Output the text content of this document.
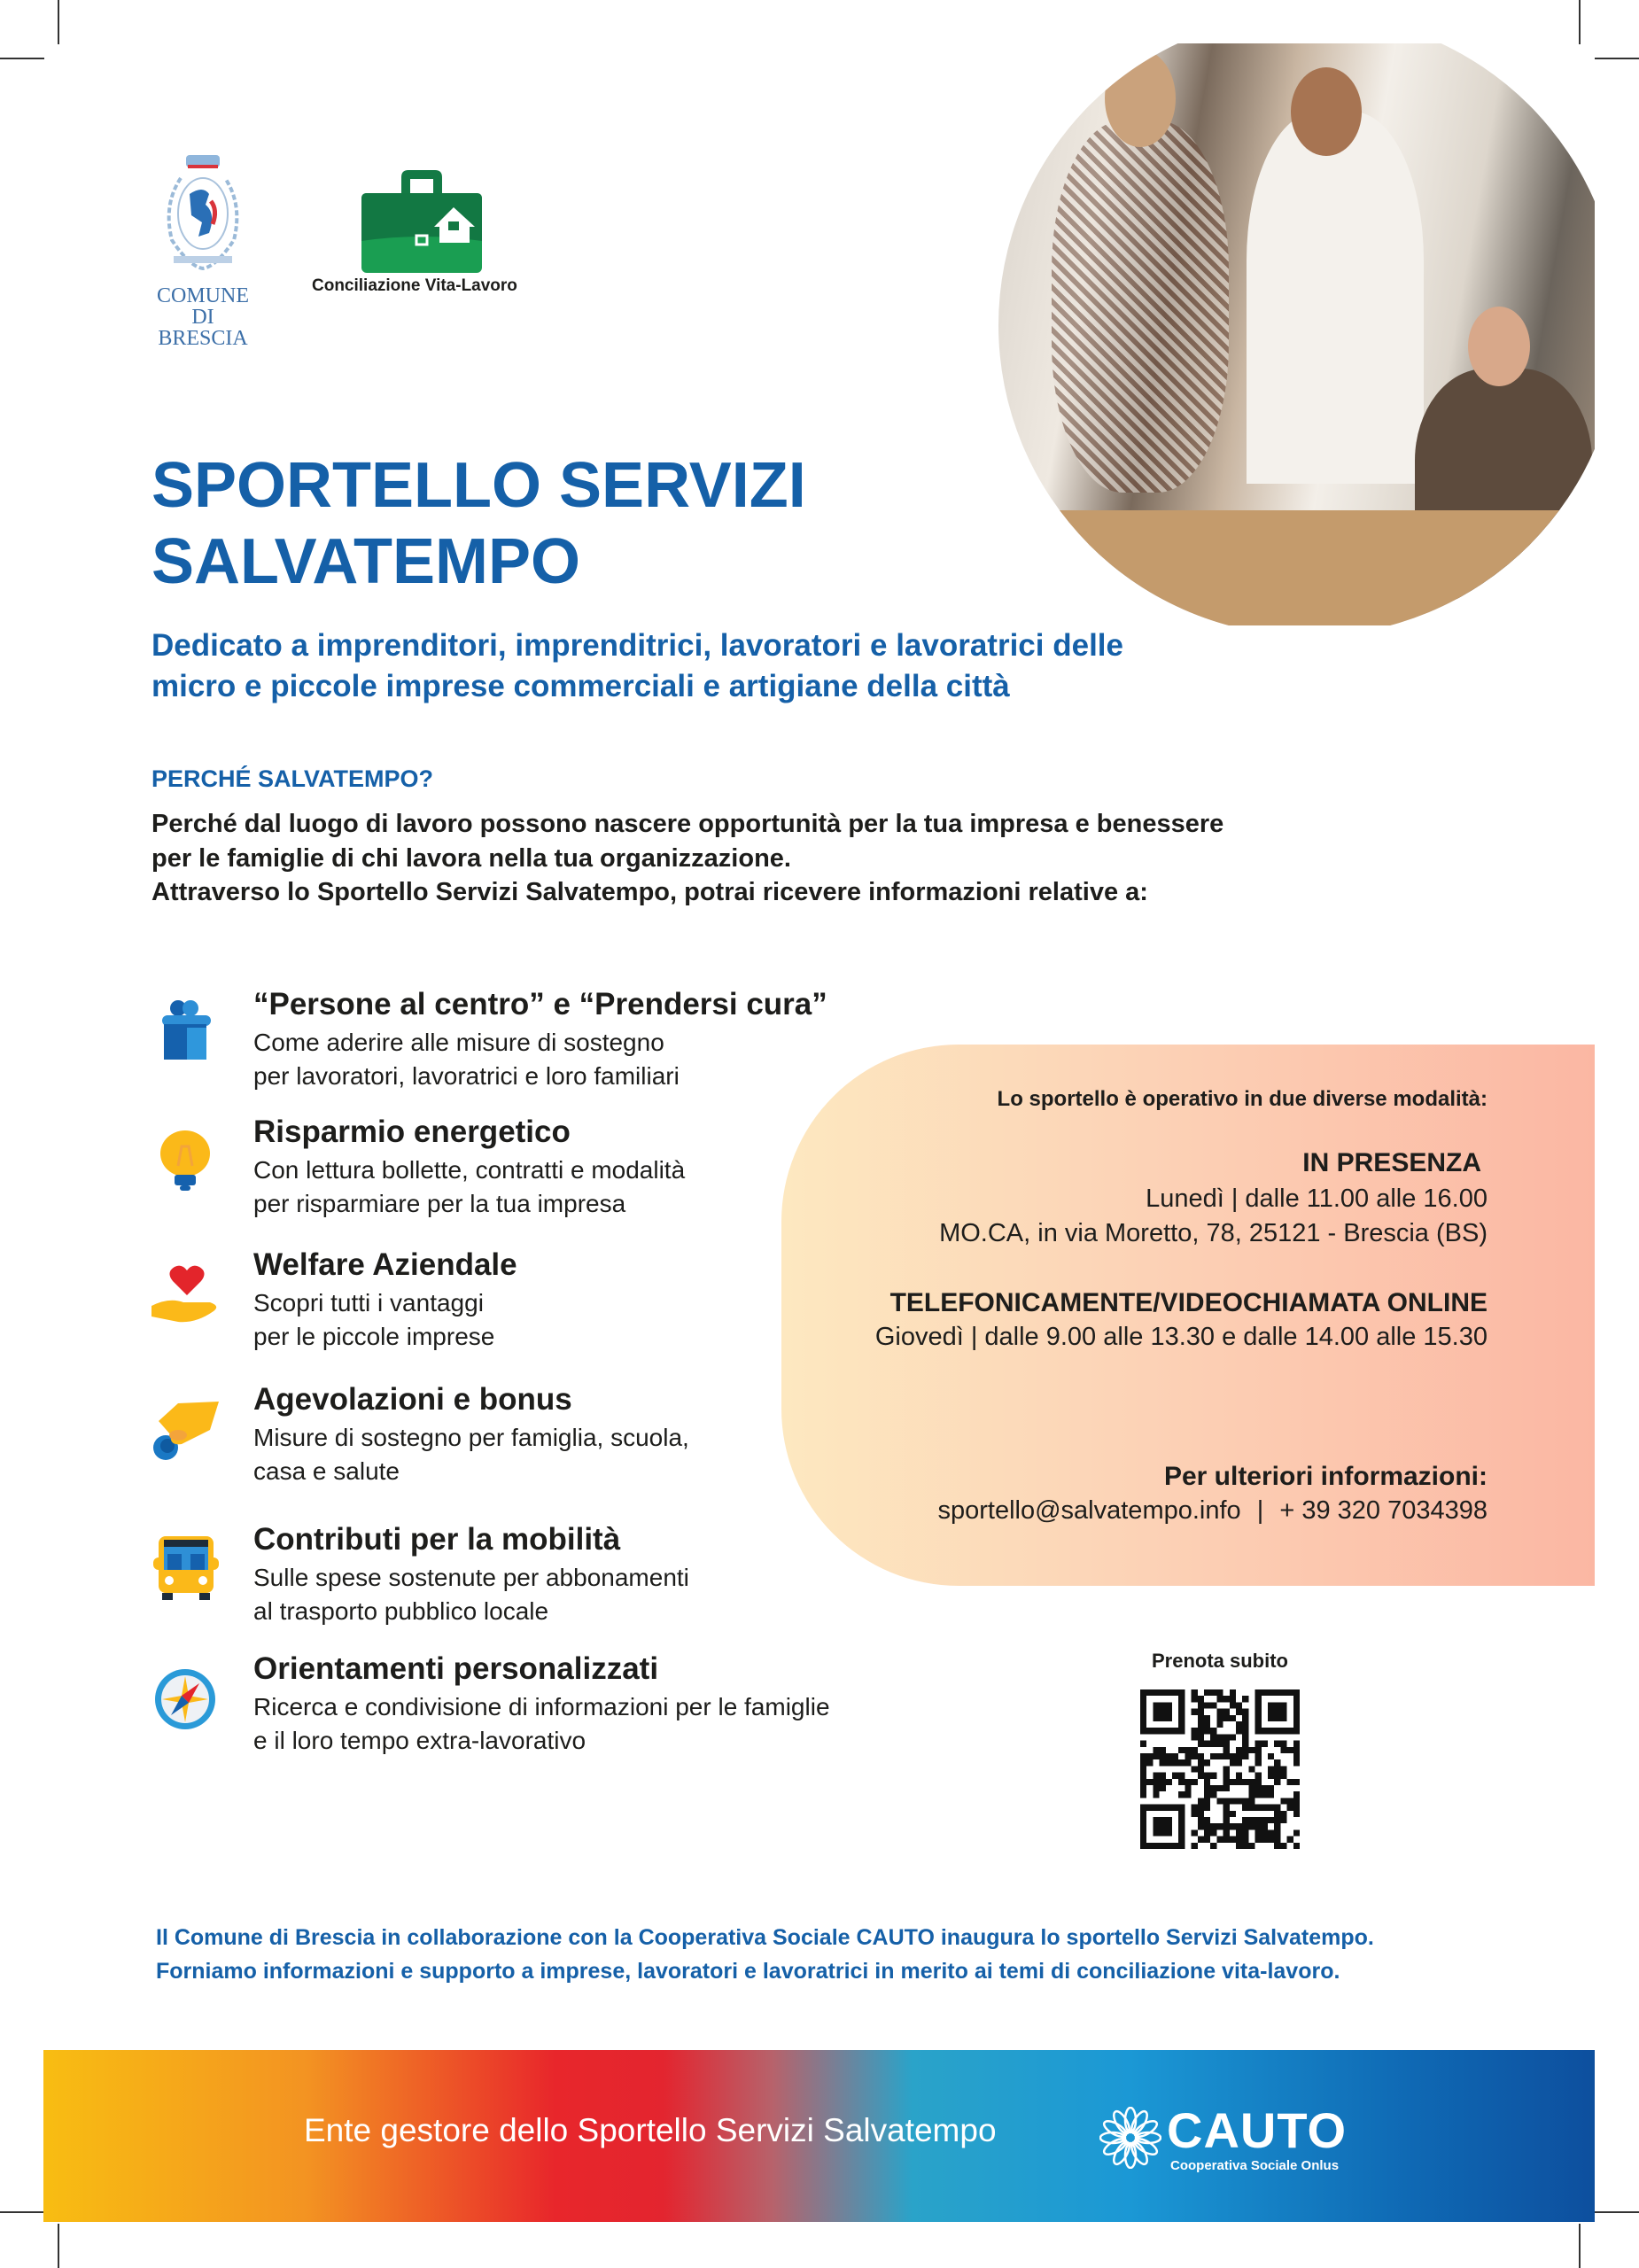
COMUNE DI BRESCIA
Conciliazione Vita-Lavoro
SPORTELLO SERVIZI
SALVATEMPO
Dedicato a imprenditori, imprenditrici, lavoratori e lavoratrici delle
micro e piccole imprese commerciali e artigiane della città
PERCHÉ SALVATEMPO?
Perché dal luogo di lavoro possono nascere opportunità per la tua impresa e benessere
per le famiglie di chi lavora nella tua organizzazione.
Attraverso lo Sportello Servizi Salvatempo, potrai ricevere informazioni relative a:
“Persone al centro” e “Prendersi cura”
Come aderire alle misure di sostegno
per lavoratori, lavoratrici e loro familiari
Risparmio energetico
Con lettura bollette, contratti e modalità
per risparmiare per la tua impresa
Welfare Aziendale
Scopri tutti i vantaggi
per le piccole imprese
Agevolazioni e bonus
Misure di sostegno per famiglia, scuola,
casa e salute
Contributi per la mobilità
Sulle spese sostenute per abbonamenti
al trasporto pubblico locale
Orientamenti personalizzati
Ricerca e condivisione di informazioni per le famiglie
e il loro tempo extra-lavorativo
Lo sportello è operativo in due diverse modalità:
IN PRESENZA
Lunedì | dalle 11.00 alle 16.00
MO.CA, in via Moretto, 78, 25121 - Brescia (BS)
TELEFONICAMENTE/VIDEOCHIAMATA ONLINE
Giovedì | dalle 9.00 alle 13.30 e dalle 14.00 alle 15.30
Per ulteriori informazioni:
sportello@salvatempo.info | + 39 320 7034398
Prenota subito
Il Comune di Brescia in collaborazione con la Cooperativa Sociale CAUTO inaugura lo sportello Servizi Salvatempo.
Forniamo informazioni e supporto a imprese, lavoratori e lavoratrici in merito ai temi di conciliazione vita-lavoro.
Ente gestore dello Sportello Servizi Salvatempo	CAUTO
Cooperativa Sociale Onlus
